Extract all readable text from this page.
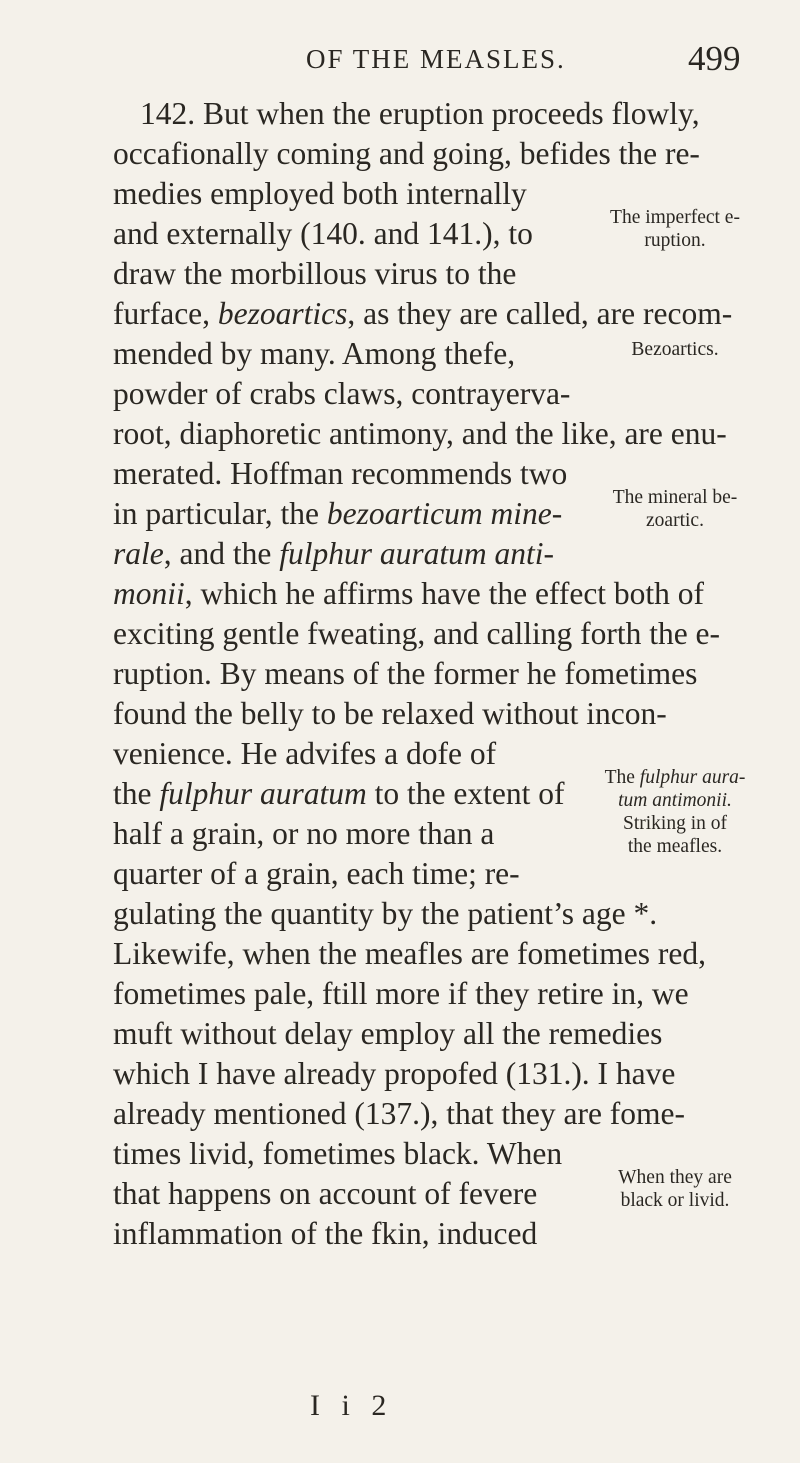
OF THE MEASLES.	499
142. But when the eruption proceeds flowly,
occafionally coming and going, befides the re-
medies employed both internally
and externally (140. and 141.), to
draw the morbillous virus to the
furface, bezoartics, as they are called, are recom-
mended by many. Among thefe,
powder of crabs claws, contrayerva-
root, diaphoretic antimony, and the like, are enu-
merated. Hoffman recommends two
in particular, the bezoarticum mine-
rale, and the fulphur auratum anti-
monii, which he affirms have the effect both of
exciting gentle fweating, and calling forth the e-
ruption. By means of the former he fometimes
found the belly to be relaxed without incon-
venience. He advifes a dofe of
the fulphur auratum to the extent of
half a grain, or no more than a
quarter of a grain, each time; re-
gulating the quantity by the patient’s age *.
Likewife, when the meafles are fometimes red,
fometimes pale, ftill more if they retire in, we
muft without delay employ all the remedies
which I have already propofed (131.). I have
already mentioned (137.), that they are fome-
times livid, fometimes black. When
that happens on account of fevere
inflammation of the fkin, induced
The imperfect e-
ruption.
Bezoartics.
The mineral be-
zoartic.
The fulphur aura-
tum antimonii.
Striking in of
the meafles.
When they are
black or livid.
I i 2
